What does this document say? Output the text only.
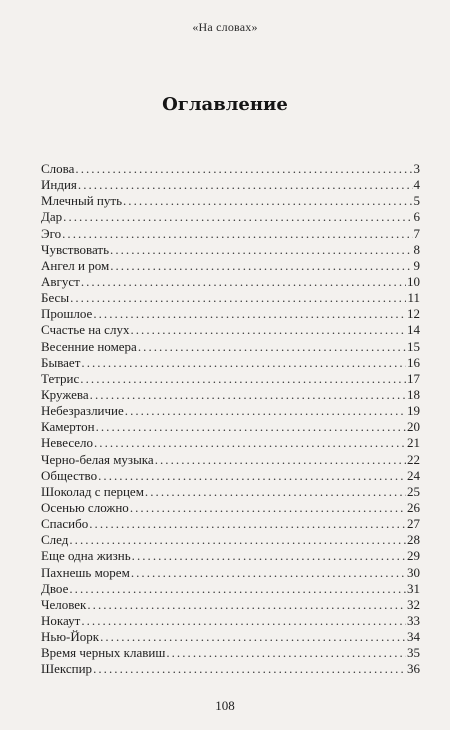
«На словах»
Оглавление
Слова . . .	3
Индия . . .	4
Млечный путь . . .	5
Дар . . .	6
Эго . . .	7
Чувствовать . . .	8
Ангел и ром . . .	9
Август . . .	10
Бесы . . .	11
Прошлое . . .	12
Счастье на слух . . .	14
Весенние номера . . .	15
Бывает . . .	16
Тетрис . . .	17
Кружева . . .	18
Небезразличие . . .	19
Камертон . . .	20
Невесело . . .	21
Черно-белая музыка . . .	22
Общество . . .	24
Шоколад с перцем . . .	25
Осенью сложно . . .	26
Спасибо . . .	27
След . . .	28
Еще одна жизнь . . .	29
Пахнешь морем . . .	30
Двое . . .	31
Человек . . .	32
Нокаут . . .	33
Нью-Йорк . . .	34
Время черных клавиш . . .	35
Шекспир . . .	36
108
